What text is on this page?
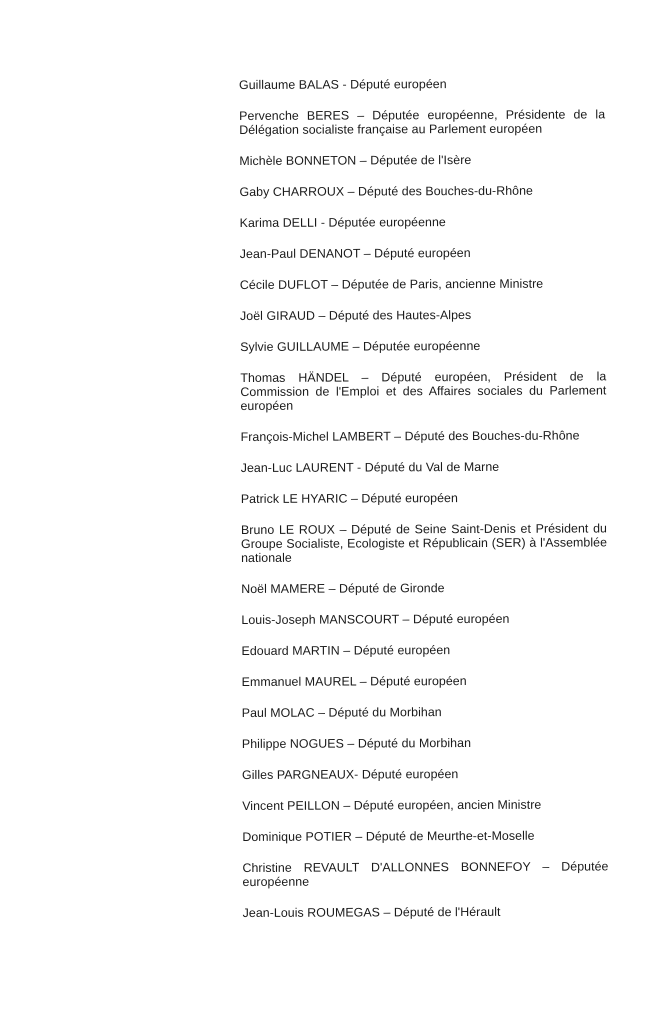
Guillaume BALAS - Député européen
Pervenche BERES – Députée européenne, Présidente de la Délégation socialiste française au Parlement européen
Michèle BONNETON – Députée de l'Isère
Gaby CHARROUX – Député des Bouches-du-Rhône
Karima DELLI - Députée européenne
Jean-Paul DENANOT – Député européen
Cécile DUFLOT – Députée de Paris, ancienne Ministre
Joël GIRAUD – Député des Hautes-Alpes
Sylvie GUILLAUME – Députée européenne
Thomas HÄNDEL – Député européen, Président de la Commission de l'Emploi et des Affaires sociales du Parlement européen
François-Michel LAMBERT – Député des Bouches-du-Rhône
Jean-Luc LAURENT - Député du Val de Marne
Patrick LE HYARIC – Député européen
Bruno LE ROUX – Député de Seine Saint-Denis et Président du Groupe Socialiste, Ecologiste et Républicain (SER) à l'Assemblée nationale
Noël MAMERE – Député de Gironde
Louis-Joseph MANSCOURT – Député européen
Edouard MARTIN – Député européen
Emmanuel MAUREL – Député européen
Paul MOLAC – Député du Morbihan
Philippe NOGUES – Député du Morbihan
Gilles PARGNEAUX- Député européen
Vincent PEILLON – Député européen, ancien Ministre
Dominique POTIER – Député de Meurthe-et-Moselle
Christine REVAULT D'ALLONNES BONNEFOY – Députée européenne
Jean-Louis ROUMEGAS – Député de l'Hérault
